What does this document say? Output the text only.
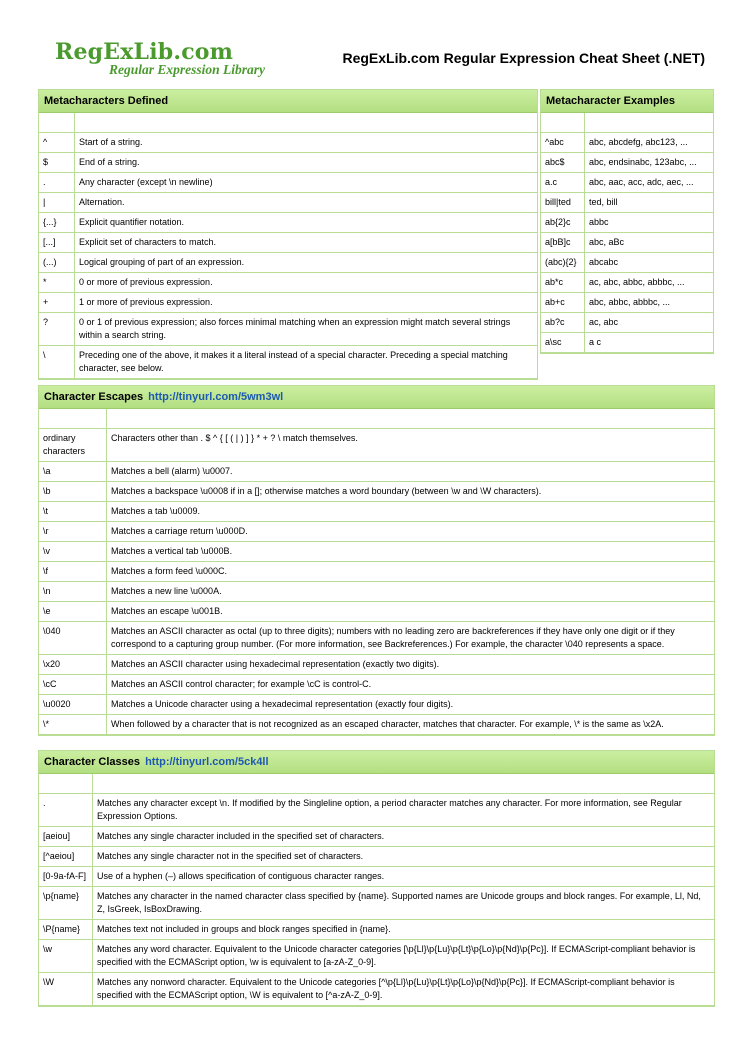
RegExLib.com
Regular Expression Library
RegExLib.com Regular Expression Cheat Sheet (.NET)
Metacharacters Defined

^	Start of a string.
$	End of a string.
.	Any character (except \n newline)
|	Alternation.
{...}	Explicit quantifier notation.
[...]	Explicit set of characters to match.
(...)	Logical grouping of part of an expression.
*	0 or more of previous expression.
+	1 or more of previous expression.
?	0 or 1 of previous expression; also forces minimal matching when an expression might match several strings within a search string.
\	Preceding one of the above, it makes it a literal instead of a special character. Preceding a special matching character, see below.
Metacharacter Examples

^abc	abc, abcdefg, abc123, ...
abc$	abc, endsinabc, 123abc, ...
a.c	abc, aac, acc, adc, aec, ...
bill|ted	ted, bill
ab{2}c	abbc
a[bB]c	abc, aBc
(abc){2}	abcabc
ab*c	ac, abc, abbc, abbbc, ...
ab+c	abc, abbc, abbbc, ...
ab?c	ac, abc
a\sc	a c
Character Escapes http://tinyurl.com/5wm3wl

ordinary characters	Characters other than . $ ^ { [ ( | ) ] } * + ? \ match themselves.
\a	Matches a bell (alarm) \u0007.
\b	Matches a backspace \u0008 if in a []; otherwise matches a word boundary (between \w and \W characters).
\t	Matches a tab \u0009.
\r	Matches a carriage return \u000D.
\v	Matches a vertical tab \u000B.
\f	Matches a form feed \u000C.
\n	Matches a new line \u000A.
\e	Matches an escape \u001B.
\040	Matches an ASCII character as octal (up to three digits); numbers with no leading zero are backreferences if they have only one digit or if they correspond to a capturing group number. (For more information, see Backreferences.) For example, the character \040 represents a space.
\x20	Matches an ASCII character using hexadecimal representation (exactly two digits).
\cC	Matches an ASCII control character; for example \cC is control-C.
\u0020	Matches a Unicode character using a hexadecimal representation (exactly four digits).
\*	When followed by a character that is not recognized as an escaped character, matches that character. For example, \* is the same as \x2A.
Character Classes http://tinyurl.com/5ck4ll

.	Matches any character except \n. If modified by the Singleline option, a period character matches any character. For more information, see Regular Expression Options.
[aeiou]	Matches any single character included in the specified set of characters.
[^aeiou]	Matches any single character not in the specified set of characters.
[0-9a-fA-F]	Use of a hyphen (–) allows specification of contiguous character ranges.
\p{name}	Matches any character in the named character class specified by {name}. Supported names are Unicode groups and block ranges. For example, Ll, Nd, Z, IsGreek, IsBoxDrawing.
\P{name}	Matches text not included in groups and block ranges specified in {name}.
\w	Matches any word character. Equivalent to the Unicode character categories [\p{Ll}\p{Lu}\p{Lt}\p{Lo}\p{Nd}\p{Pc}]. If ECMAScript-compliant behavior is specified with the ECMAScript option, \w is equivalent to [a-zA-Z_0-9].
\W	Matches any nonword character. Equivalent to the Unicode categories [^\p{Ll}\p{Lu}\p{Lt}\p{Lo}\p{Nd}\p{Pc}]. If ECMAScript-compliant behavior is specified with the ECMAScript option, \W is equivalent to [^a-zA-Z_0-9].
